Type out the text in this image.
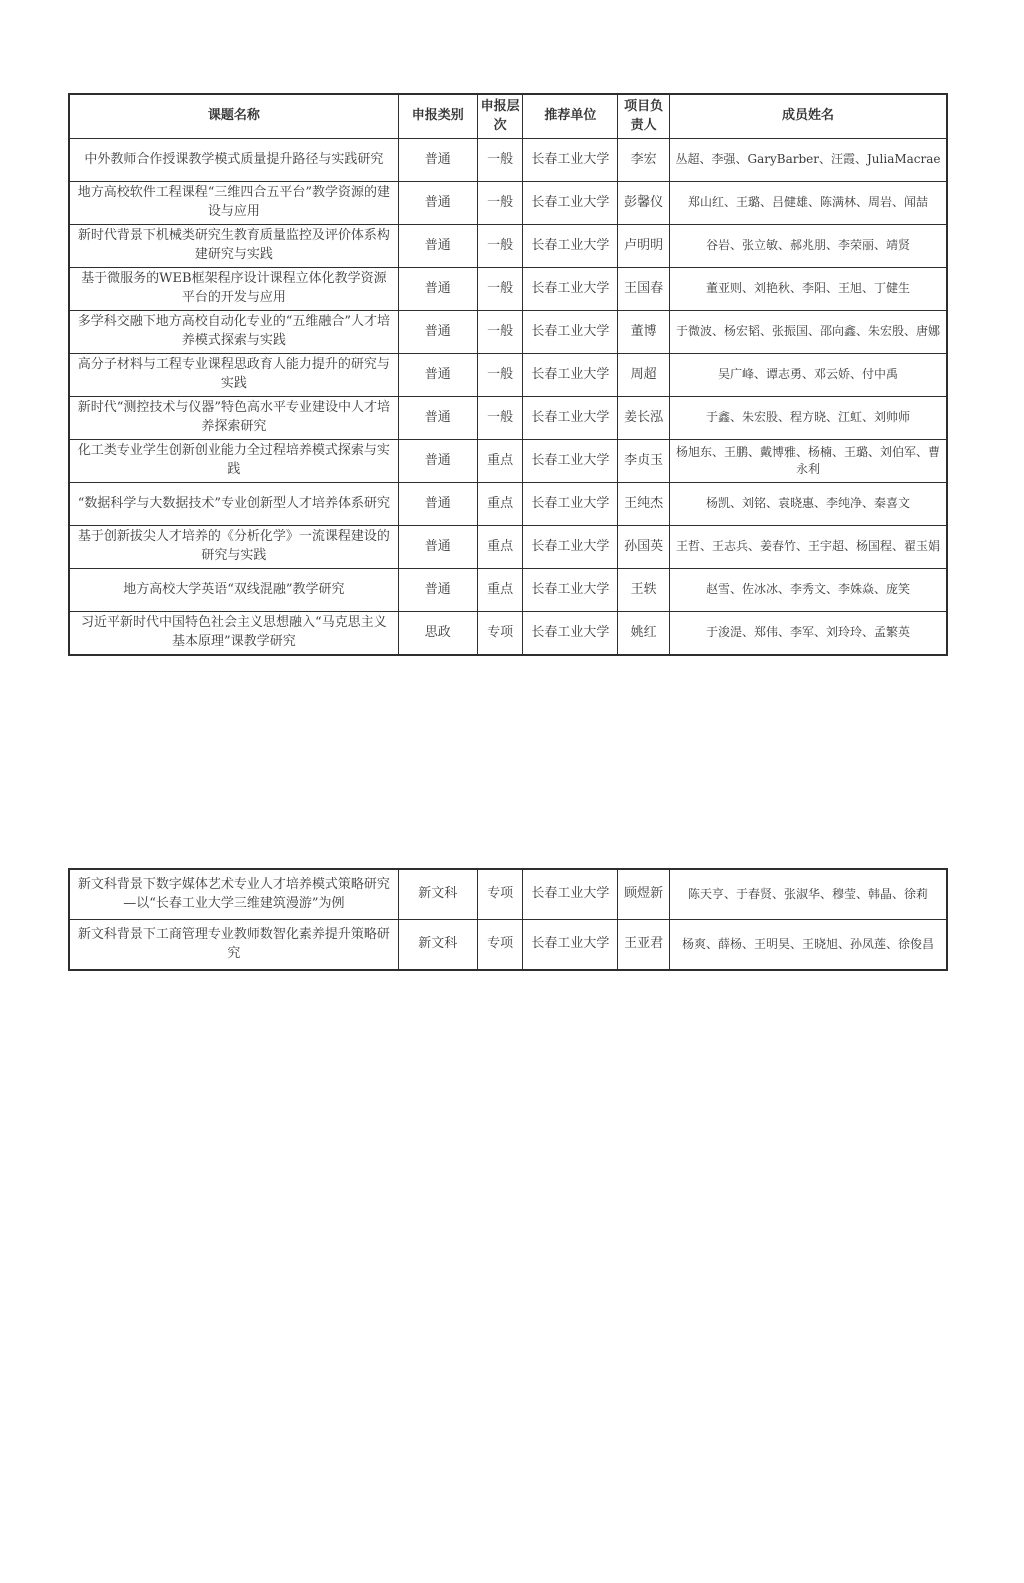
课题名称	申报类别	申报层次	推荐单位	项目负责人	成员姓名
中外教师合作授课教学模式质量提升路径与实践研究	普通	一般	长春工业大学	李宏	丛超、李强、GaryBarber、汪霞、JuliaMacrae
地方高校软件工程课程“三维四合五平台”教学资源的建设与应用	普通	一般	长春工业大学	彭馨仪	郑山红、王璐、吕健雄、陈满林、周岩、闻喆
新时代背景下机械类研究生教育质量监控及评价体系构建研究与实践	普通	一般	长春工业大学	卢明明	谷岩、张立敏、郝兆朋、李荣丽、靖贤
基于微服务的WEB框架程序设计课程立体化教学资源平台的开发与应用	普通	一般	长春工业大学	王国春	董亚则、刘艳秋、李阳、王旭、丁健生
多学科交融下地方高校自动化专业的“五维融合”人才培养模式探索与实践	普通	一般	长春工业大学	董博	于微波、杨宏韬、张振国、邵向鑫、朱宏殷、唐娜
高分子材料与工程专业课程思政育人能力提升的研究与实践	普通	一般	长春工业大学	周超	吴广峰、谭志勇、邓云娇、付中禹
新时代“测控技术与仪器”特色高水平专业建设中人才培养探索研究	普通	一般	长春工业大学	姜长泓	于鑫、朱宏股、程方晓、江虹、刘帅师
化工类专业学生创新创业能力全过程培养模式探索与实践	普通	重点	长春工业大学	李贞玉	杨旭东、王鹏、戴博雅、杨楠、王璐、刘伯军、曹永利
“数据科学与大数据技术”专业创新型人才培养体系研究	普通	重点	长春工业大学	王纯杰	杨凯、刘铭、袁晓惠、李纯净、秦喜文
基于创新拔尖人才培养的《分析化学》一流课程建设的研究与实践	普通	重点	长春工业大学	孙国英	王哲、王志兵、姜春竹、王宇超、杨国程、翟玉娟
地方高校大学英语“双线混融”教学研究	普通	重点	长春工业大学	王轶	赵雪、佐冰冰、李秀文、李姝焱、庞笑
习近平新时代中国特色社会主义思想融入“马克思主义基本原理”课教学研究	思政	专项	长春工业大学	姚红	于浚湜、郑伟、李军、刘玲玲、孟繁英
新文科背景下数字媒体艺术专业人才培养模式策略研究—以“长春工业大学三维建筑漫游”为例	新文科	专项	长春工业大学	顾煜新	陈天亨、于春贤、张淑华、穆莹、韩晶、徐莉
新文科背景下工商管理专业教师数智化素养提升策略研究	新文科	专项	长春工业大学	王亚君	杨爽、薛杨、王明昊、王晓旭、孙凤莲、徐俊昌
